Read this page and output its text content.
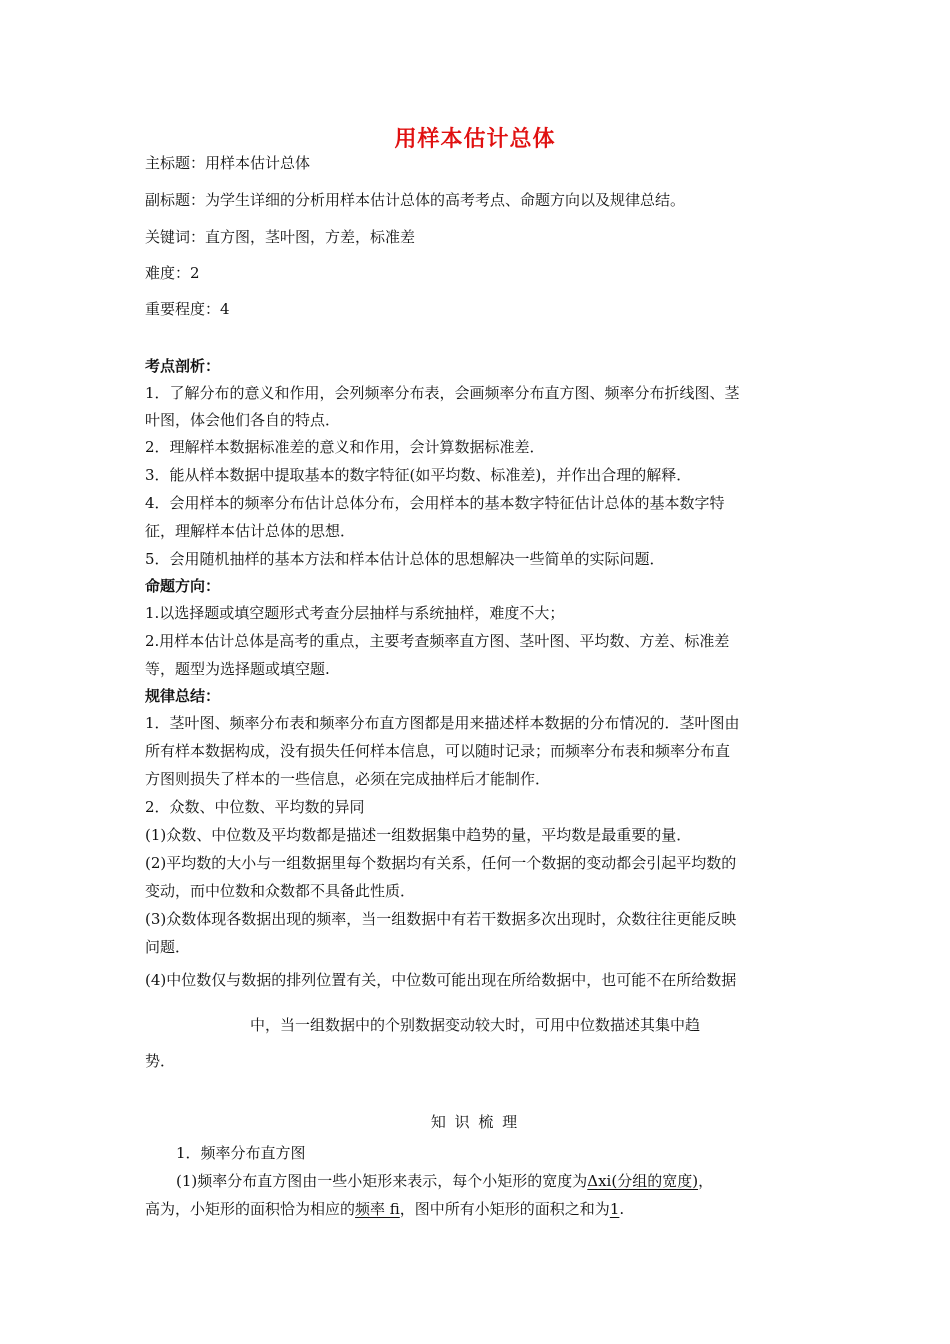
用样本估计总体
主标题：用样本估计总体
副标题：为学生详细的分析用样本估计总体的高考考点、命题方向以及规律总结。
关键词：直方图，茎叶图，方差，标准差
难度：2
重要程度：4
考点剖析：
1．了解分布的意义和作用，会列频率分布表，会画频率分布直方图、频率分布折线图、茎
叶图，体会他们各自的特点．
2．理解样本数据标准差的意义和作用，会计算数据标准差．
3．能从样本数据中提取基本的数字特征(如平均数、标准差)，并作出合理的解释．
4．会用样本的频率分布估计总体分布，会用样本的基本数字特征估计总体的基本数字特
征，理解样本估计总体的思想．
5．会用随机抽样的基本方法和样本估计总体的思想解决一些简单的实际问题．
命题方向：
1.以选择题或填空题形式考查分层抽样与系统抽样，难度不大；
2.用样本估计总体是高考的重点，主要考查频率直方图、茎叶图、平均数、方差、标准差
等，题型为选择题或填空题.
规律总结：
1．茎叶图、频率分布表和频率分布直方图都是用来描述样本数据的分布情况的．茎叶图由
所有样本数据构成，没有损失任何样本信息，可以随时记录；而频率分布表和频率分布直
方图则损失了样本的一些信息，必须在完成抽样后才能制作．
2．众数、中位数、平均数的异同
(1)众数、中位数及平均数都是描述一组数据集中趋势的量，平均数是最重要的量．
(2)平均数的大小与一组数据里每个数据均有关系，任何一个数据的变动都会引起平均数的
变动，而中位数和众数都不具备此性质．
(3)众数体现各数据出现的频率，当一组数据中有若干数据多次出现时，众数往往更能反映
问题．
(4)中位数仅与数据的排列位置有关，中位数可能出现在所给数据中，也可能不在所给数据
中，当一组数据中的个别数据变动较大时，可用中位数描述其集中趋
势．
知 识 梳 理
1．频率分布直方图
(1)频率分布直方图由一些小矩形来表示，每个小矩形的宽度为Δxi(分组的宽度)，
高为，小矩形的面积恰为相应的频率 fi，图中所有小矩形的面积之和为1.
